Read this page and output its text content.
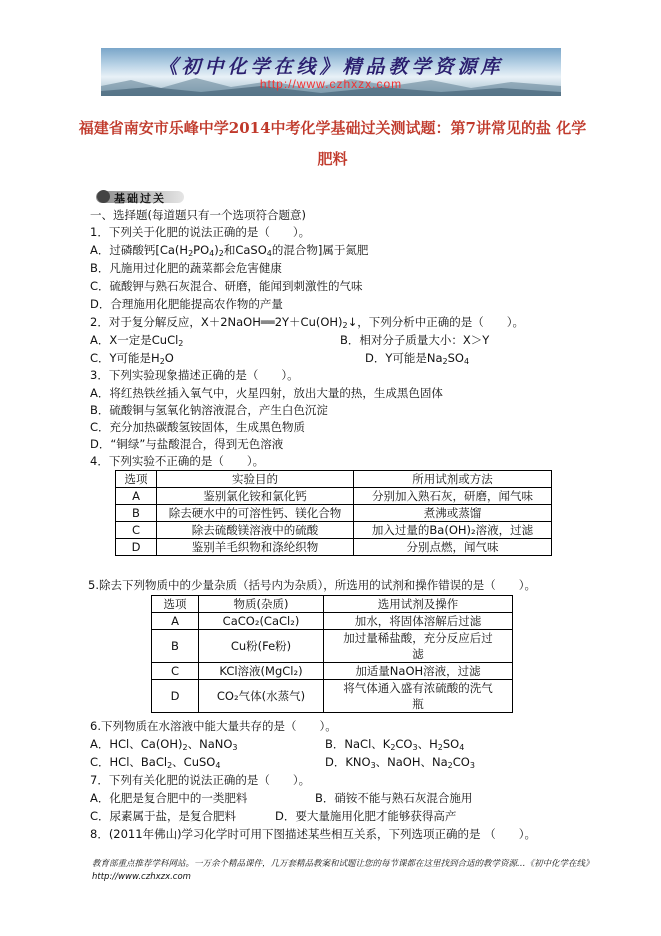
《初中化学在线》精品教学资源库
http://www.czhxzx.com
福建省南安市乐峰中学2014中考化学基础过关测试题：第7讲常见的盐 化学
肥料
基础过关
一、选择题(每道题只有一个选项符合题意)
1．下列关于化肥的说法正确的是（　　）。
A．过磷酸钙[$Ca(H_2PO_4)_2$和CaSO$_4$的混合物]属于氮肥
B．凡施用过化肥的蔬菜都会危害健康
C．硫酸钾与熟石灰混合、研磨，能闻到刺激性的气味
D．合理施用化肥能提高农作物的产量
2．对于复分解反应，$X+2NaOH══2Y+Cu(OH)_2↓$，下列分析中正确的是（　　）。
A．X一定是CuCl$_2$	B．相对分子质量大小：X＞Y
C．Y可能是$H_2O$	D．Y可能是$Na_2SO_4$
3．下列实验现象描述正确的是（　　）。
A．将红热铁丝插入氧气中，火星四射，放出大量的热，生成黑色固体
B．硫酸铜与氢氧化钠溶液混合，产生白色沉淀
C．充分加热碳酸氢铵固体，生成黑色物质
D．“铜绿”与盐酸混合，得到无色溶液
4．下列实验不正确的是（　　）。
选项	实验目的	所用试剂或方法
A	鉴别氯化铵和氯化钙	分别加入熟石灰，研磨，闻气味
B	除去硬水中的可溶性钙、镁化合物	煮沸或蒸馏
C	除去硫酸镁溶液中的硫酸	加入过量的Ba(OH)₂溶液，过滤
D	鉴别羊毛织物和涤纶织物	分别点燃，闻气味
5.除去下列物质中的少量杂质（括号内为杂质），所选用的试剂和操作错误的是（　　）。
选项	物质(杂质)	选用试剂及操作
A	CaCO₂(CaCl₂)	加水，将固体溶解后过滤
B	Cu粉(Fe粉)	加过量稀盐酸，充分反应后过滤
C	KCl溶液(MgCl₂)	加适量NaOH溶液，过滤
D	CO₂气体(水蒸气)	将气体通入盛有浓硫酸的洗气瓶
6.下列物质在水溶液中能大量共存的是（　　）。
A．HCl、$Ca(OH)_2$、NaNO$_3$	B．NaCl、$K_2CO_3$、$H_2SO_4$
C．HCl、BaCl$_2$、CuSO$_4$	D．$KNO_3$、NaOH、$Na_2CO_3$
7．下列有关化肥的说法正确的是（　　）。
A．化肥是复合肥中的一类肥料	B．硝铵不能与熟石灰混合施用
C．尿素属于盐，是复合肥料	D．要大量施用化肥才能够获得高产
8．(2011年佛山)学习化学时可用下图描述某些相互关系，下列选项正确的是 （　　）。
教育部重点推荐学科网站。一万余个精品课件，几万套精品教案和试题让您的每节课都在这里找到合适的教学资源…《初中化学在线》http://www.czhxzx.com
